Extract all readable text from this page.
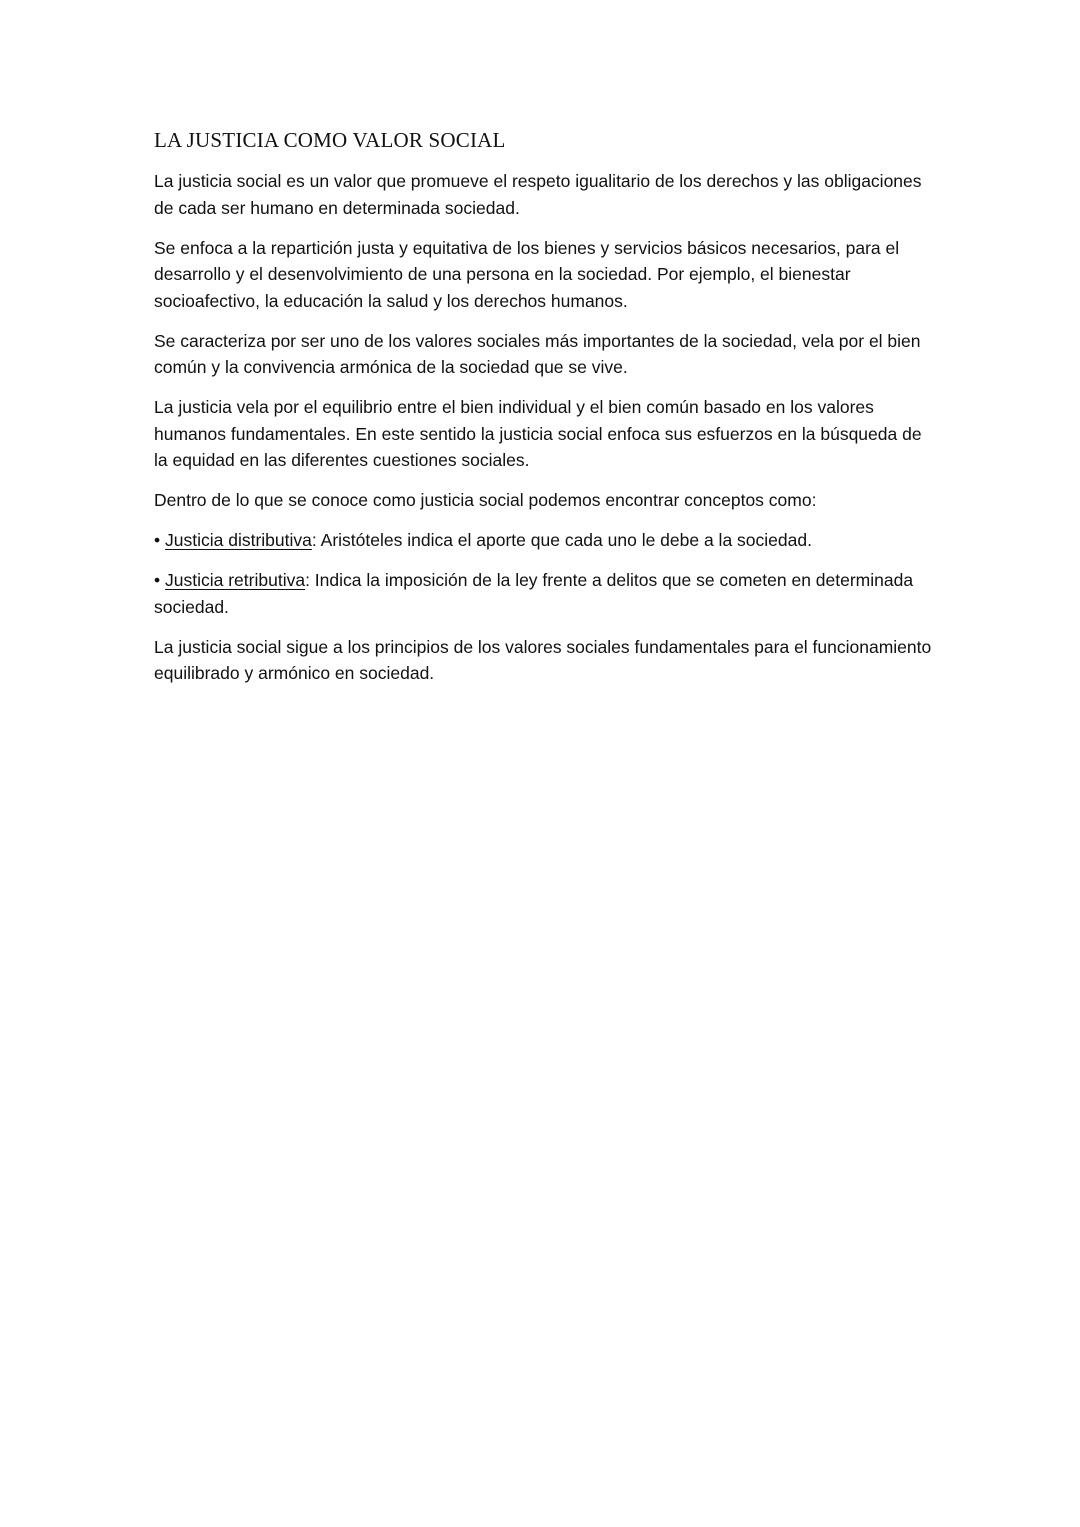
LA JUSTICIA COMO VALOR SOCIAL

La justicia social es un valor que promueve el respeto igualitario de los derechos y las obligaciones de cada ser humano en determinada sociedad.

Se enfoca a la repartición justa y equitativa de los bienes y servicios básicos necesarios, para el desarrollo y el desenvolvimiento de una persona en la sociedad. Por ejemplo, el bienestar socioafectivo, la educación la salud y los derechos humanos.

Se caracteriza por ser uno de los valores sociales más importantes de la sociedad, vela por el bien común y la convivencia armónica de la sociedad que se vive.

La justicia vela por el equilibrio entre el bien individual y el bien común basado en los valores humanos fundamentales. En este sentido la justicia social enfoca sus esfuerzos en la búsqueda de la equidad en las diferentes cuestiones sociales.

Dentro de lo que se conoce como justicia social podemos encontrar conceptos como:

• Justicia distributiva: Aristóteles indica el aporte que cada uno le debe a la sociedad.

• Justicia retributiva: Indica la imposición de la ley frente a delitos que se cometen en determinada sociedad.

La justicia social sigue a los principios de los valores sociales fundamentales para el funcionamiento equilibrado y armónico en sociedad.
